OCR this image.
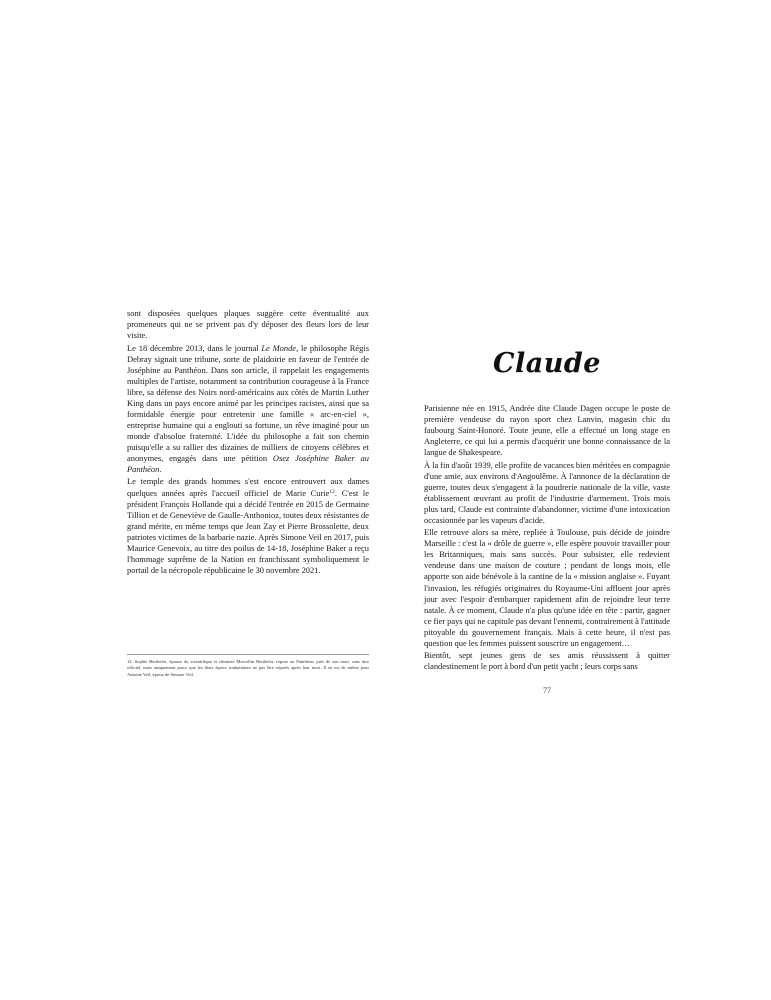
sont disposées quelques plaques suggère cette éventualité aux promeneurs qui ne se privent pas d'y déposer des fleurs lors de leur visite.

Le 18 décembre 2013, dans le journal Le Monde, le philosophe Régis Debray signait une tribune, sorte de plaidoirie en faveur de l'entrée de Joséphine au Panthéon. Dans son article, il rappelait les engagements multiples de l'artiste, notamment sa contribution courageuse à la France libre, sa défense des Noirs nord-américains aux côtés de Martin Luther King dans un pays encore animé par les principes racistes, ainsi que sa formidable énergie pour entretenir une famille « arc-en-ciel », entreprise humaine qui a englouti sa fortune, un rêve imaginé pour un monde d'absolue fraternité. L'idée du philosophe a fait son chemin puisqu'elle a su rallier des dizaines de milliers de citoyens célèbres et anonymes, engagés dans une pétition Osez Joséphine Baker au Panthéon.

Le temple des grands hommes s'est encore entrouvert aux dames quelques années après l'accueil officiel de Marie Curie$^{12}$. C'est le président François Hollande qui a décidé l'entrée en 2015 de Germaine Tillion et de Geneviève de Gaulle-Anthonioz, toutes deux résistantes de grand mérite, en même temps que Jean Zay et Pierre Brossolette, deux patriotes victimes de la barbarie nazie. Après Simone Veil en 2017, puis Maurice Genevoix, au titre des poilus de 14-18, Joséphine Baker a reçu l'hommage suprême de la Nation en franchissant symboliquement le portail de la nécropole républicaine le 30 novembre 2021.

12. Sophie Berthelot, épouse du scientifique et chimiste Marcellin Berthelot, repose au Panthéon, près de son mari, sans titre officiel, mais uniquement parce que les deux époux souhaitaient ne pas être séparés après leur mort. Il en est de même pour Antoine Veil, époux de Simone Veil.
Claude

Parisienne née en 1915, Andrée dite Claude Dagen occupe le poste de première vendeuse du rayon sport chez Lanvin, magasin chic du faubourg Saint-Honoré. Toute jeune, elle a effectué un long stage en Angleterre, ce qui lui a permis d'acquérir une bonne connaissance de la langue de Shakespeare.

À la fin d'août 1939, elle profite de vacances bien méritées en compagnie d'une amie, aux environs d'Angoulême. À l'annonce de la déclaration de guerre, toutes deux s'engagent à la poudrerie nationale de la ville, vaste établissement œuvrant au profit de l'industrie d'armement. Trois mois plus tard, Claude est contrainte d'abandonner, victime d'une intoxication occasionnée par les vapeurs d'acide.

Elle retrouve alors sa mère, repliée à Toulouse, puis décide de joindre Marseille : c'est la « drôle de guerre », elle espère pouvoir travailler pour les Britanniques, mais sans succès. Pour subsister, elle redevient vendeuse dans une maison de couture ; pendant de longs mois, elle apporte son aide bénévole à la cantine de la « mission anglaise ». Fuyant l'invasion, les réfugiés originaires du Royaume-Uni affluent jour après jour avec l'espoir d'embarquer rapidement afin de rejoindre leur terre natale. À ce moment, Claude n'a plus qu'une idée en tête : partir, gagner ce fier pays qui ne capitule pas devant l'ennemi, contrairement à l'attitude pitoyable du gouvernement français. Mais à cette heure, il n'est pas question que les femmes puissent souscrire un engagement…

Bientôt, sept jeunes gens de ses amis réussissent à quitter clandestinement le port à bord d'un petit yacht ; leurs corps sans

77
